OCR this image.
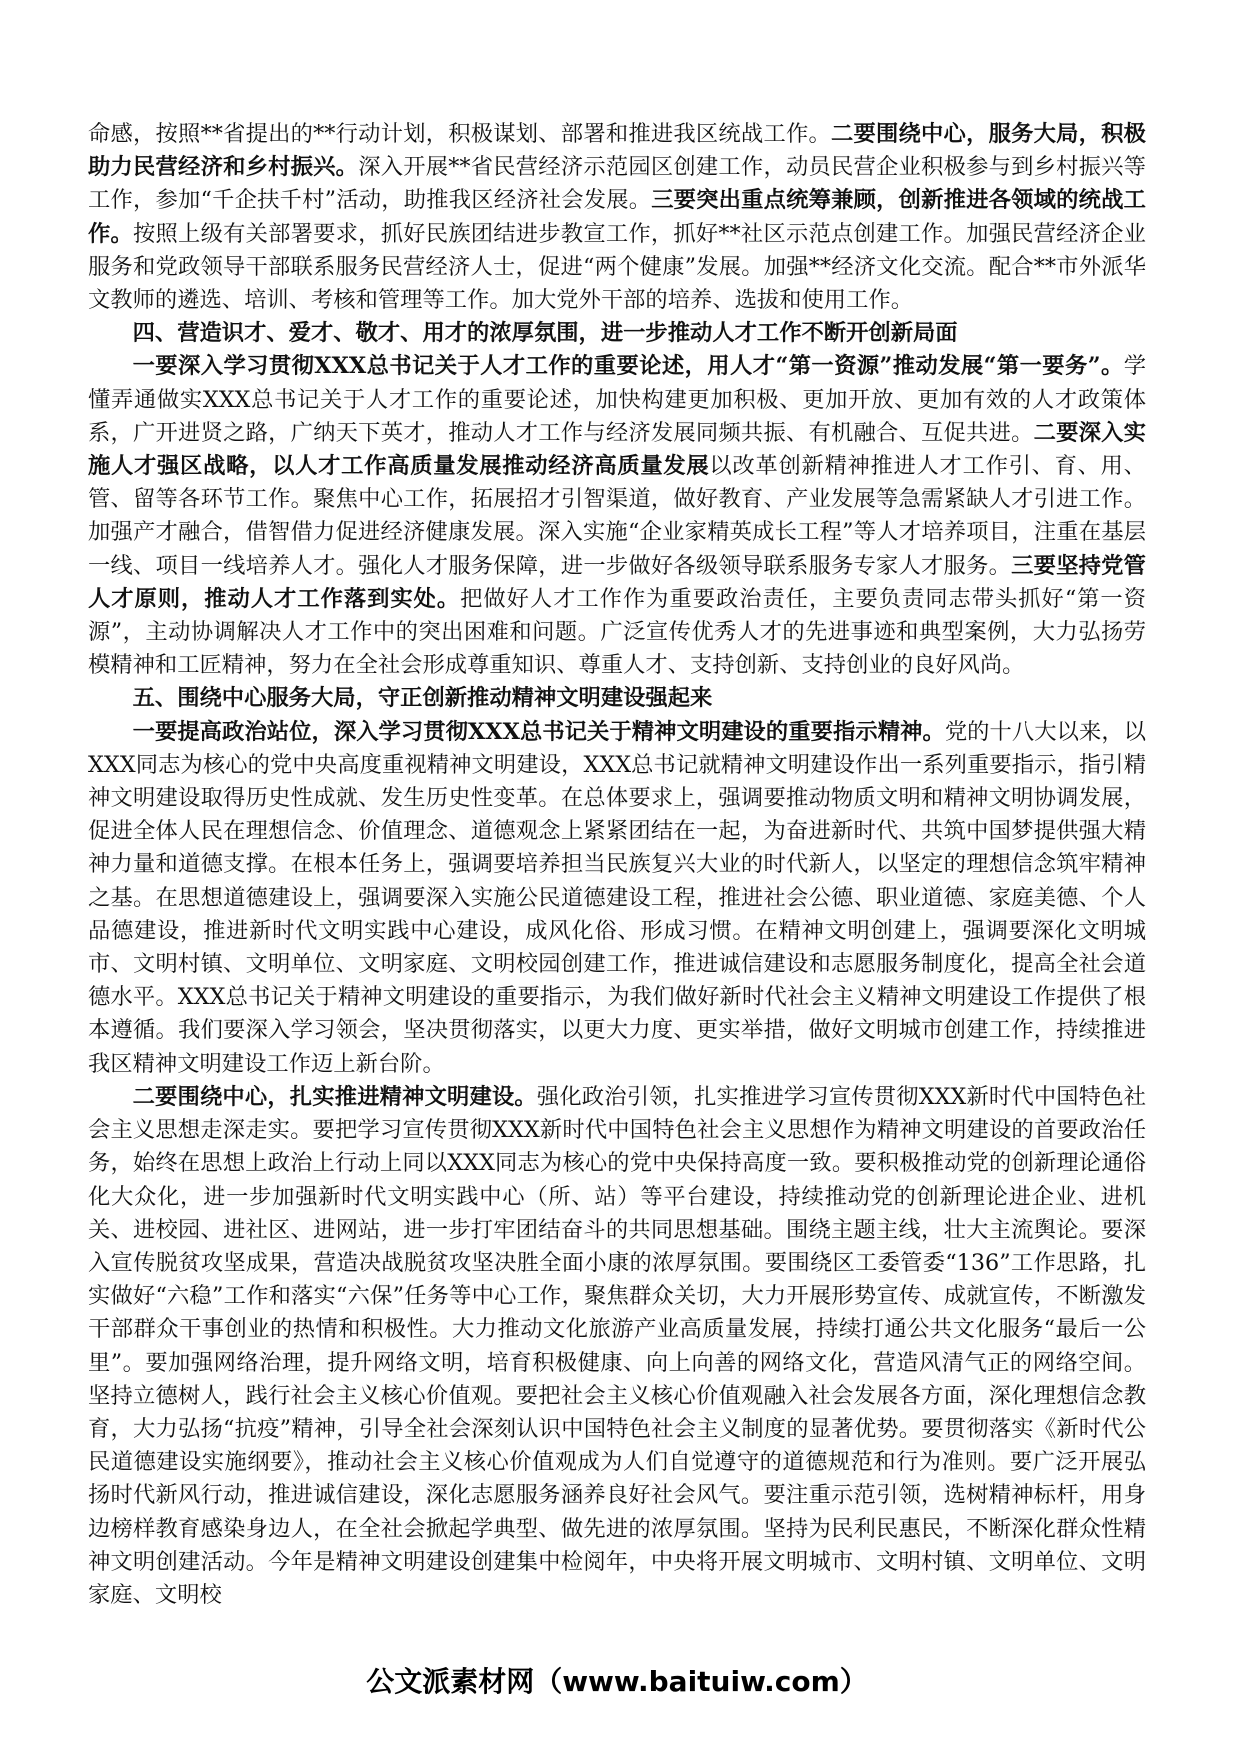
命感，按照**省提出的**行动计划，积极谋划、部署和推进我区统战工作。二要围绕中心，服务大局，积极助力民营经济和乡村振兴。深入开展**省民营经济示范园区创建工作，动员民营企业积极参与到乡村振兴等工作，参加“千企扶千村”活动，助推我区经济社会发展。三要突出重点统筹兼顾，创新推进各领域的统战工作。按照上级有关部署要求，抓好民族团结进步教宣工作，抓好**社区示范点创建工作。加强民营经济企业服务和党政领导干部联系服务民营经济人士，促进“两个健康”发展。加强**经济文化交流。配合**市外派华文教师的遴选、培训、考核和管理等工作。加大党外干部的培养、选拔和使用工作。

四、营造识才、爱才、敬才、用才的浓厚氛围，进一步推动人才工作不断开创新局面

一要深入学习贯彻XXX总书记关于人才工作的重要论述，用人才“第一资源”推动发展“第一要务”。学懂弄通做实XXX总书记关于人才工作的重要论述，加快构建更加积极、更加开放、更加有效的人才政策体系，广开进贤之路，广纳天下英才，推动人才工作与经济发展同频共振、有机融合、互促共进。二要深入实施人才强区战略，以人才工作高质量发展推动经济高质量发展以改革创新精神推进人才工作引、育、用、管、留等各环节工作。聚焦中心工作，拓展招才引智渠道，做好教育、产业发展等急需紧缺人才引进工作。加强产才融合，借智借力促进经济健康发展。深入实施“企业家精英成长工程”等人才培养项目，注重在基层一线、项目一线培养人才。强化人才服务保障，进一步做好各级领导联系服务专家人才服务。三要坚持党管人才原则，推动人才工作落到实处。把做好人才工作作为重要政治责任，主要负责同志带头抓好“第一资源”，主动协调解决人才工作中的突出困难和问题。广泛宣传优秀人才的先进事迹和典型案例，大力弘扬劳模精神和工匠精神，努力在全社会形成尊重知识、尊重人才、支持创新、支持创业的良好风尚。

五、围绕中心服务大局，守正创新推动精神文明建设强起来

一要提高政治站位，深入学习贯彻XXX总书记关于精神文明建设的重要指示精神。党的十八大以来，以XXX同志为核心的党中央高度重视精神文明建设，XXX总书记就精神文明建设作出一系列重要指示，指引精神文明建设取得历史性成就、发生历史性变革。在总体要求上，强调要推动物质文明和精神文明协调发展，促进全体人民在理想信念、价值理念、道德观念上紧紧团结在一起，为奋进新时代、共筑中国梦提供强大精神力量和道德支撑。在根本任务上，强调要培养担当民族复兴大业的时代新人，以坚定的理想信念筑牢精神之基。在思想道德建设上，强调要深入实施公民道德建设工程，推进社会公德、职业道德、家庭美德、个人品德建设，推进新时代文明实践中心建设，成风化俗、形成习惯。在精神文明创建上，强调要深化文明城市、文明村镇、文明单位、文明家庭、文明校园创建工作，推进诚信建设和志愿服务制度化，提高全社会道德水平。XXX总书记关于精神文明建设的重要指示，为我们做好新时代社会主义精神文明建设工作提供了根本遵循。我们要深入学习领会，坚决贯彻落实，以更大力度、更实举措，做好文明城市创建工作，持续推进我区精神文明建设工作迈上新台阶。

二要围绕中心，扎实推进精神文明建设。强化政治引领，扎实推进学习宣传贯彻XXX新时代中国特色社会主义思想走深走实。要把学习宣传贯彻XXX新时代中国特色社会主义思想作为精神文明建设的首要政治任务，始终在思想上政治上行动上同以XXX同志为核心的党中央保持高度一致。要积极推动党的创新理论通俗化大众化，进一步加强新时代文明实践中心（所、站）等平台建设，持续推动党的创新理论进企业、进机关、进校园、进社区、进网站，进一步打牢团结奋斗的共同思想基础。围绕主题主线，壮大主流舆论。要深入宣传脱贫攻坚成果，营造决战脱贫攻坚决胜全面小康的浓厚氛围。要围绕区工委管委“136”工作思路，扎实做好“六稳”工作和落实“六保”任务等中心工作，聚焦群众关切，大力开展形势宣传、成就宣传，不断激发干部群众干事创业的热情和积极性。大力推动文化旅游产业高质量发展，持续打通公共文化服务“最后一公里”。要加强网络治理，提升网络文明，培育积极健康、向上向善的网络文化，营造风清气正的网络空间。坚持立德树人，践行社会主义核心价值观。要把社会主义核心价值观融入社会发展各方面，深化理想信念教育，大力弘扬“抗疫”精神，引导全社会深刻认识中国特色社会主义制度的显著优势。要贯彻落实《新时代公民道德建设实施纲要》，推动社会主义核心价值观成为人们自觉遵守的道德规范和行为准则。要广泛开展弘扬时代新风行动，推进诚信建设，深化志愿服务涵养良好社会风气。要注重示范引领，选树精神标杆，用身边榜样教育感染身边人，在全社会掀起学典型、做先进的浓厚氛围。坚持为民利民惠民，不断深化群众性精神文明创建活动。今年是精神文明建设创建集中检阅年，中央将开展文明城市、文明村镇、文明单位、文明家庭、文明校

公文派素材网（www.baituiw.com）
